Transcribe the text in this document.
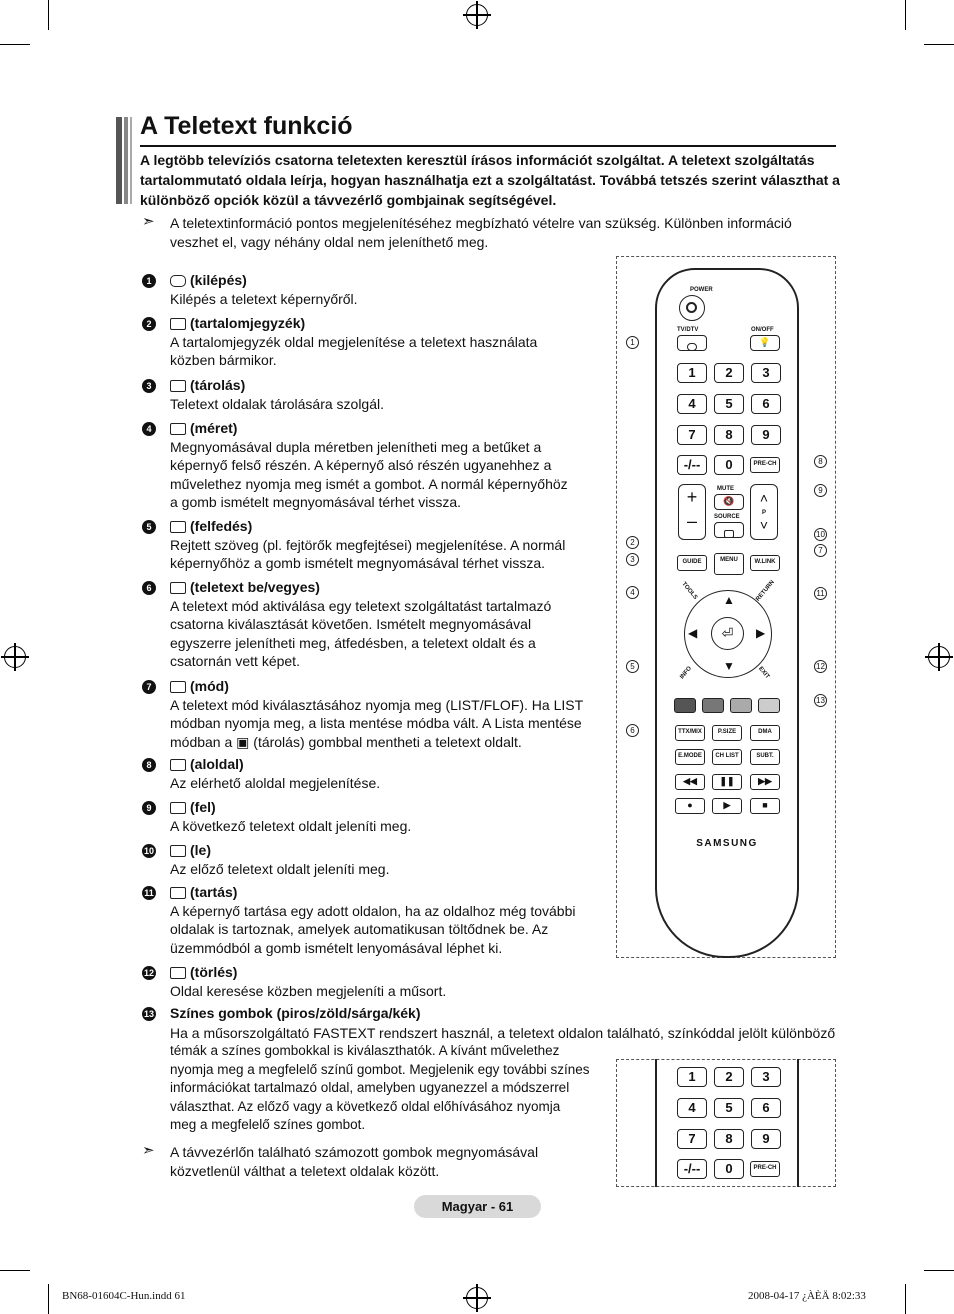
A Teletext funkció
A legtöbb televíziós csatorna teletexten keresztül írásos információt szolgáltat. A teletext szolgáltatás tartalommutató oldala leírja, hogyan használhatja ezt a szolgáltatást. Továbbá tetszés szerint választhat a különböző opciók közül a távvezérlő gombjainak segítségével.
➣ A teletextinformáció pontos megjelenítéséhez megbízható vételre van szükség. Különben információ
veszhet el, vagy néhány oldal nem jeleníthető meg.
1	(kilépés)
Kilépés a teletext képernyőről.
2	(tartalomjegyzék)
A tartalomjegyzék oldal megjelenítése a teletext használata
közben bármikor.
3	(tárolás)
Teletext oldalak tárolására szolgál.
4	(méret)
Megnyomásával dupla méretben jelenítheti meg a betűket a
képernyő felső részén. A képernyő alsó részén ugyanehhez a
művelethez nyomja meg ismét a gombot. A normál képernyőhöz
a gomb ismételt megnyomásával térhet vissza.
5	(felfedés)
Rejtett szöveg (pl. fejtörők megfejtései) megjelenítése. A normál
képernyőhöz a gomb ismételt megnyomásával térhet vissza.
6	(teletext be/vegyes)
A teletext mód aktiválása egy teletext szolgáltatást tartalmazó
csatorna kiválasztását követően. Ismételt megnyomásával
egyszerre jelenítheti meg, átfedésben, a teletext oldalt és a
csatornán vett képet.
7	(mód)
A teletext mód kiválasztásához nyomja meg (LIST/FLOF). Ha LIST
módban nyomja meg, a lista mentése módba vált. A Lista mentése
módban a ▣ (tárolás) gombbal mentheti a teletext oldalt.
8	(aloldal)
Az elérhető aloldal megjelenítése.
9	(fel)
A következő teletext oldalt jeleníti meg.
10	(le)
Az előző teletext oldalt jeleníti meg.
11	(tartás)
A képernyő tartása egy adott oldalon, ha az oldalhoz még további
oldalak is tartoznak, amelyek automatikusan töltődnek be. Az
üzemmódból a gomb ismételt lenyomásával léphet ki.
12	(törlés)
Oldal keresése közben megjeleníti a műsort.
13 Színes gombok (piros/zöld/sárga/kék)
Ha a műsorszolgáltató FASTEXT rendszert használ, a teletext oldalon található, színkóddal jelölt különböző
témák a színes gombokkal is kiválaszthatók. A kívánt művelethez
nyomja meg a megfelelő színű gombot. Megjelenik egy további színes
információkat tartalmazó oldal, amelyben ugyanezzel a módszerrel
választhat. Az előző vagy a következő oldal előhívásához nyomja
meg a megfelelő színes gombot.
➣ A távvezérlőn található számozott gombok megnyomásával
közvetlenül válthat a teletext oldalak között.
POWER
TV/DTV	ON/OFF
💡
1	2	3
4	5	6
7	8	9
-/--	0	PRE-CH
+
–
MUTE
🔇
SOURCE
˄
˅
P
GUIDE	MENU	W.LINK
TOOLS	RETURN
▲
▼
◀	▶
⏎
INFO	EXIT
TTX/MIX	P.SIZE	DMA
E.MODE	CH LIST	SUBT.
◀◀	❚❚	▶▶
●	▶	■
SAMSUNG
1
2
3
4
5
6
8
9
10
7
11
12
13
1	2	3
4	5	6
7	8	9
-/--	0	PRE-CH
Magyar - 61
BN68-01604C-Hun.indd 61	2008-04-17 ¿ÀÈÄ 8:02:33
